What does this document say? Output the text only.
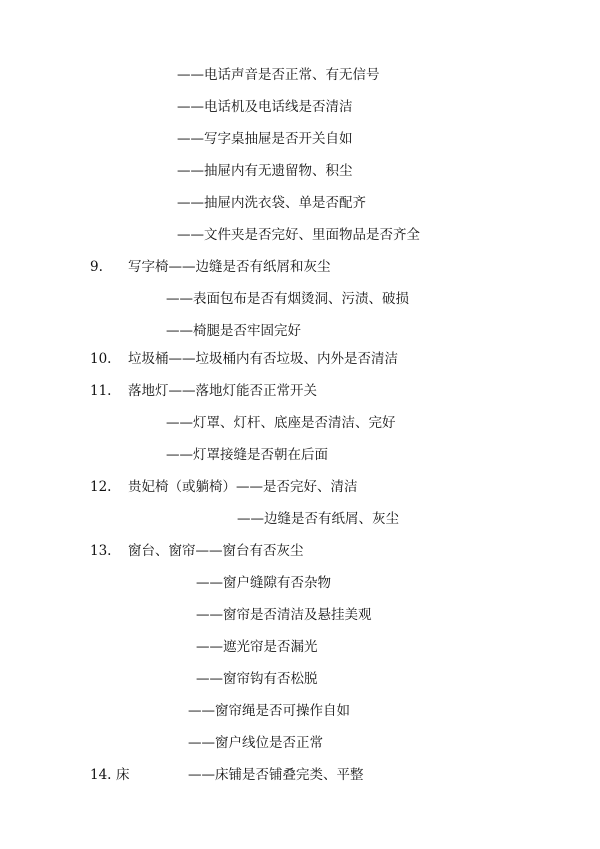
——电话声音是否正常、有无信号
——电话机及电话线是否清洁
——写字桌抽屉是否开关自如
——抽屉内有无遗留物、积尘
——抽屉内洗衣袋、单是否配齐
——文件夹是否完好、里面物品是否齐全
9. 写字椅——边缝是否有纸屑和灰尘
——表面包布是否有烟烫洞、污渍、破损
——椅腿是否牢固完好
10. 垃圾桶——垃圾桶内有否垃圾、内外是否清洁
11. 落地灯——落地灯能否正常开关
——灯罩、灯杆、底座是否清洁、完好
——灯罩接缝是否朝在后面
12. 贵妃椅（或躺椅）——是否完好、清洁
——边缝是否有纸屑、灰尘
13. 窗台、窗帘——窗台有否灰尘
——窗户缝隙有否杂物
——窗帘是否清洁及悬挂美观
——遮光帘是否漏光
——窗帘钩有否松脱
——窗帘绳是否可操作自如
——窗户线位是否正常
14. 床	——床铺是否铺叠完类、平整
